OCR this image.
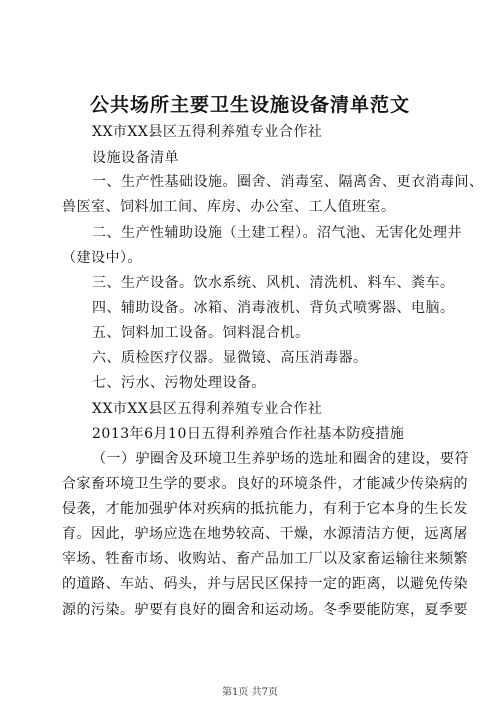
公共场所主要卫生设施设备清单范文
XX市XX县区五得利养殖专业合作社
设施设备清单
一、生产性基础设施。圈舍、消毒室、隔离舍、更衣消毒间、
兽医室、饲料加工间、库房、办公室、工人值班室。
二、生产性辅助设施（土建工程）。沼气池、无害化处理井
（建设中）。
三、生产设备。饮水系统、风机、清洗机、料车、粪车。
四、辅助设备。冰箱、消毒液机、背负式喷雾器、电脑。
五、饲料加工设备。饲料混合机。
六、质检医疗仪器。显微镜、高压消毒器。
七、污水、污物处理设备。
XX市XX县区五得利养殖专业合作社
2013年6月10日五得利养殖合作社基本防疫措施
（一）驴圈舍及环境卫生养驴场的选址和圈舍的建设，要符
合家畜环境卫生学的要求。良好的环境条件，才能减少传染病的
侵袭，才能加强驴体对疾病的抵抗能力，有利于它本身的生长发
育。因此，驴场应选在地势较高、干燥，水源清洁方便，远离屠
宰场、牲畜市场、收购站、畜产品加工厂以及家畜运输往来频繁
的道路、车站、码头，并与居民区保持一定的距离，以避免传染
源的污染。驴要有良好的圈舍和运动场。冬季要能防寒，夏季要
第1页 共7页
